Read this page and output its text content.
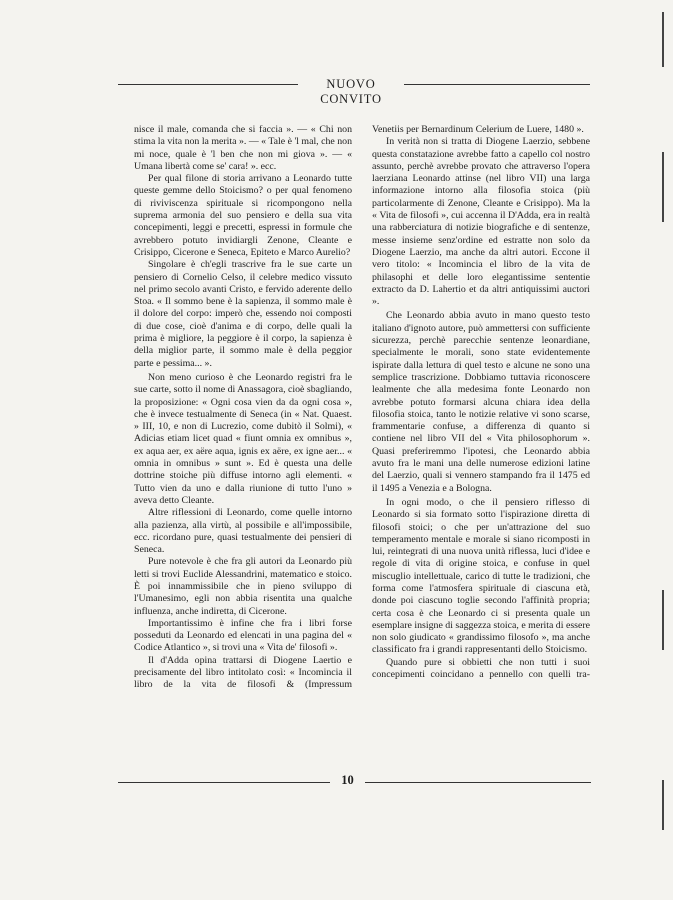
NUOVO CONVITO

nisce il male, comanda che si faccia ». — « Chi non stima la vita non la merita ». — « Tale è 'l mal, che non mi noce, quale è 'l ben che non mi giova ». — « Umana libertà come se' cara! ». ecc.

Per qual filone di storia arrivano a Leonardo tutte queste gemme dello Stoicismo? o per qual fenomeno di riviviscenza spirituale si ricompongono nella suprema armonia del suo pensiero e della sua vita concepimenti, leggi e precetti, espressi in formule che avrebbero potuto invidiargli Zenone, Cleante e Crisippo, Cicerone e Seneca, Epiteto e Marco Aurelio?

Singolare è ch'egli trascrive fra le sue carte un pensiero di Cornelio Celso, il celebre medico vissuto nel primo secolo avanti Cristo, e fervido aderente dello Stoa. « Il sommo bene è la sapienza, il sommo male è il dolore del corpo: imperò che, essendo noi composti di due cose, cioè d'anima e di corpo, delle quali la prima è migliore, la peggiore è il corpo, la sapienza è della miglior parte, il sommo male è della peggior parte e pessima... ».

Non meno curioso è che Leonardo registri fra le sue carte, sotto il nome di Anassagora, cioè sbagliando, la proposizione: « Ogni cosa vien da da ogni cosa », che è invece testualmente di Seneca (in « Nat. Quaest. » III, 10, e non di Lucrezio, come dubitò il Solmi), « Adicias etiam licet quad « fiunt omnia ex omnibus », ex aqua aer, ex aëre aqua, ignis ex aëre, ex igne aer... « omnia in omnibus » sunt ». Ed è questa una delle dottrine stoiche più diffuse intorno agli elementi. « Tutto vien da uno e dalla riunione di tutto l'uno » aveva detto Cleante.

Altre riflessioni di Leonardo, come quelle intorno alla pazienza, alla virtù, al possibile e all'impossibile, ecc. ricordano pure, quasi testualmente dei pensieri di Seneca.

Pure notevole è che fra gli autori da Leonardo più letti si trovi Euclide Alessandrini, matematico e stoico. È poi innammissibile che in pieno sviluppo di l'Umanesimo, egli non abbia risentita una qualche influenza, anche indiretta, di Cicerone.

Importantissimo è infine che fra i libri forse posseduti da Leonardo ed elencati in una pagina del « Codice Atlantico », si trovi una « Vita de' filosofi ».

Il d'Adda opina trattarsi di Diogene Laertio e precisamente del libro intitolato così: « Incominciа il libro de la vita de filosofi & (Impressum

Venetiis per Bernardinum Celerium de Luere, 1480 ».

In verità non si tratta di Diogene Laerzio, sebbene questa constatazione avrebbe fatto a capello col nostro assunto, perchè avrebbe provato che attraverso l'opera laerziana Leonardo attinse (nel libro VII) una larga informazione intorno alla filosofia stoica (più particolarmente di Zenone, Cleante e Crisippo). Ma la « Vita de filosofi », cui accenna il D'Adda, era in realtà una rabberciatura di notizie biografiche e di sentenze, messe insieme senz'ordine ed estratte non solo da Diogene Laerzio, ma anche da altri autori. Eccone il vero titolo: « Incomincia el libro de la vita de philasophi et delle loro elegantissime sententie extracto da D. Lahertio et da altri antiquissimi auctori ».

Che Leonardo abbia avuto in mano questo testo italiano d'ignoto autore, può ammettersi con sufficiente sicurezza, perchè parecchie sentenze leonardiane, specialmente le morali, sono state evidentemente ispirate dalla lettura di quel testo e alcune ne sono una semplice trascrizione. Dobbiamo tuttavia riconoscere lealmente che alla medesima fonte Leonardo non avrebbe potuto formarsi alcuna chiara idea della filosofia stoica, tanto le notizie relative vi sono scarse, frammentarie confuse, a differenza di quanto si contiene nel libro VII del « Vita philosophorum ». Quasi preferiremmo l'ipotesi, che Leonardo abbia avuto fra le mani una delle numerose edizioni latine del Laerzio, quali si vennero stampando fra il 1475 ed il 1495 a Venezia e a Bologna.

In ogni modo, o che il pensiero riflesso di Leonardo si sia formato sotto l'ispirazione diretta di filosofi stoici; o che per un'attrazione del suo temperamento mentale e morale si siano ricomposti in lui, reintegrati di una nuova unità riflessa, luci d'idee e regole di vita di origine stoica, e confuse in quel miscuglio intellettuale, carico di tutte le tradizioni, che forma come l'atmosfera spirituale di ciascuna età, donde poi ciascuno toglie secondo l'affinità propria; certa cosa è che Leonardo ci si presenta quale un esemplare insigne di saggezza stoica, e merita di essere non solo giudicato « grandissimo filosofo », ma anche classificato fra i grandi rappresentanti dello Stoicismo.

Quando pure si obbietti che non tutti i suoi concepimenti coincidano a pennello con quelli tra-

10
